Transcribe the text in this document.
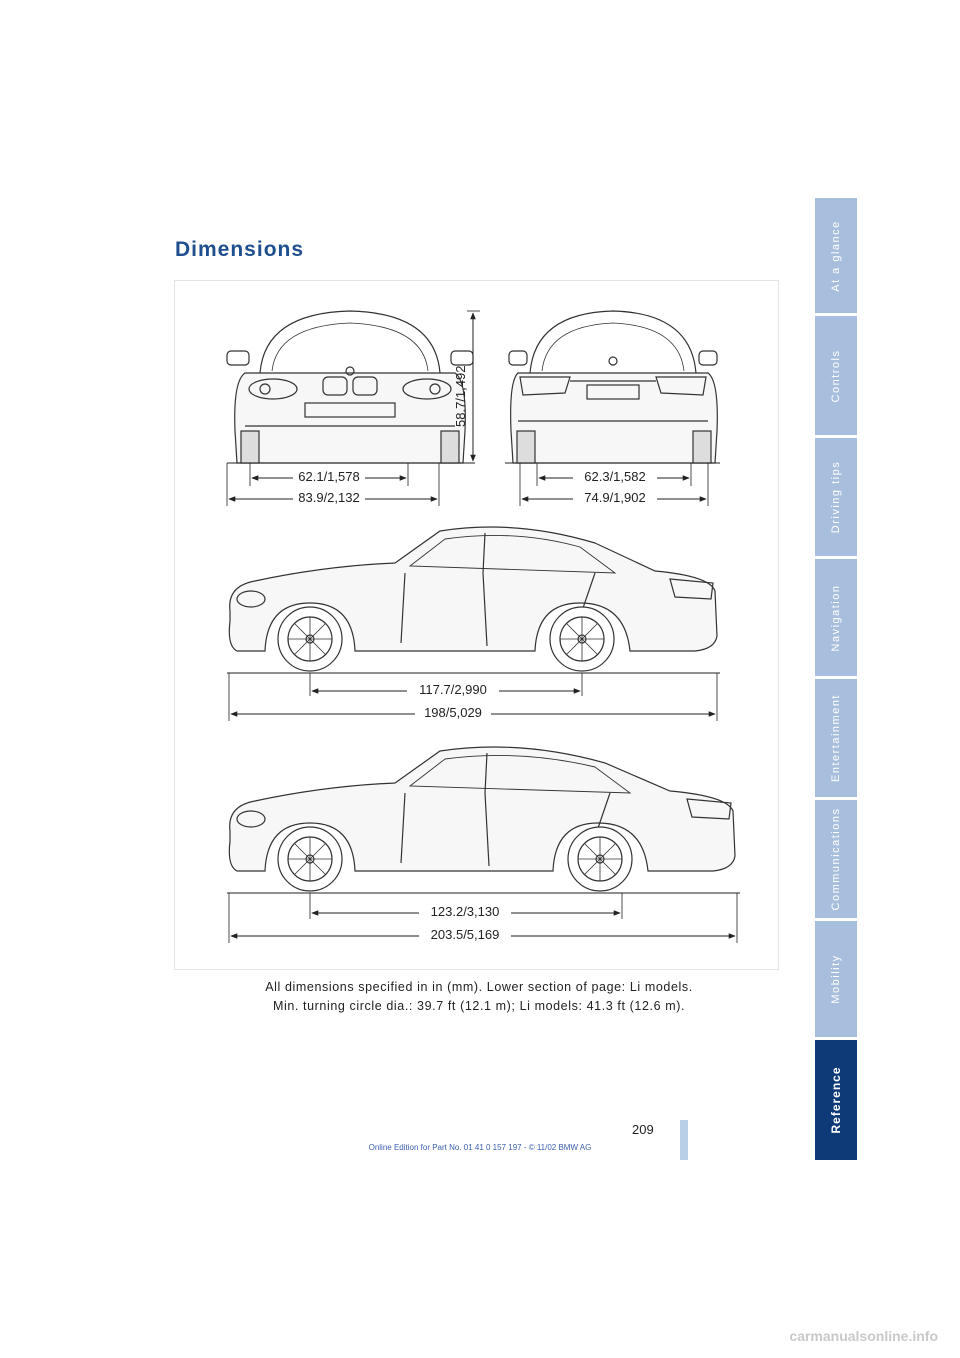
Dimensions
58.7/1,492
62.1/1,578
83.9/2,132
62.3/1,582
74.9/1,902
117.7/2,990
198/5,029
123.2/3,130
203.5/5,169
All dimensions specified in in (mm). Lower section of page: Li models.
Min. turning circle dia.: 39.7 ft (12.1 m); Li models: 41.3 ft (12.6 m).
209
Online Edition for Part No. 01 41 0 157 197 - © 11/02 BMW AG
carmanualsonline.info
At a glance
Controls
Driving tips
Navigation
Entertainment
Communications
Mobility
Reference
